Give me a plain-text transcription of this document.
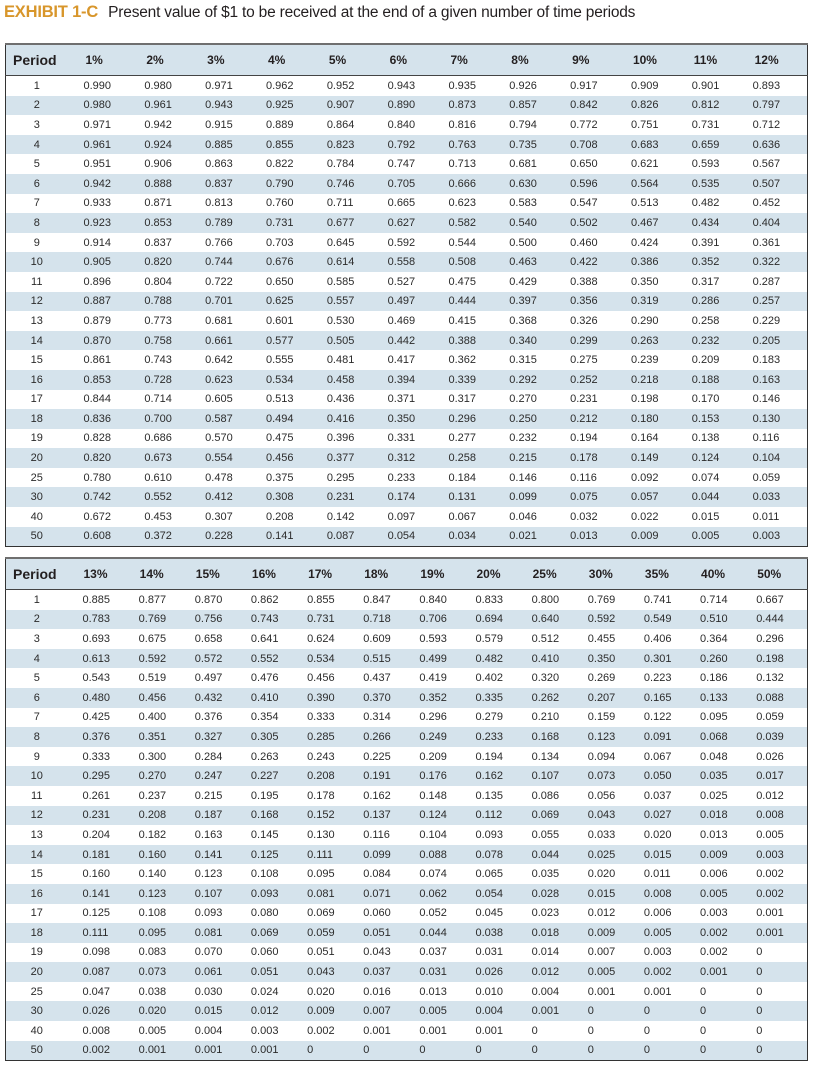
EXHIBIT 1-C Present value of $1 to be received at the end of a given number of time periods
Period	1%	2%	3%	4%	5%	6%	7%	8%	9%	10%	11%	12%
1	0.990	0.980	0.971	0.962	0.952	0.943	0.935	0.926	0.917	0.909	0.901	0.893
2	0.980	0.961	0.943	0.925	0.907	0.890	0.873	0.857	0.842	0.826	0.812	0.797
3	0.971	0.942	0.915	0.889	0.864	0.840	0.816	0.794	0.772	0.751	0.731	0.712
4	0.961	0.924	0.885	0.855	0.823	0.792	0.763	0.735	0.708	0.683	0.659	0.636
5	0.951	0.906	0.863	0.822	0.784	0.747	0.713	0.681	0.650	0.621	0.593	0.567
6	0.942	0.888	0.837	0.790	0.746	0.705	0.666	0.630	0.596	0.564	0.535	0.507
7	0.933	0.871	0.813	0.760	0.711	0.665	0.623	0.583	0.547	0.513	0.482	0.452
8	0.923	0.853	0.789	0.731	0.677	0.627	0.582	0.540	0.502	0.467	0.434	0.404
9	0.914	0.837	0.766	0.703	0.645	0.592	0.544	0.500	0.460	0.424	0.391	0.361
10	0.905	0.820	0.744	0.676	0.614	0.558	0.508	0.463	0.422	0.386	0.352	0.322
11	0.896	0.804	0.722	0.650	0.585	0.527	0.475	0.429	0.388	0.350	0.317	0.287
12	0.887	0.788	0.701	0.625	0.557	0.497	0.444	0.397	0.356	0.319	0.286	0.257
13	0.879	0.773	0.681	0.601	0.530	0.469	0.415	0.368	0.326	0.290	0.258	0.229
14	0.870	0.758	0.661	0.577	0.505	0.442	0.388	0.340	0.299	0.263	0.232	0.205
15	0.861	0.743	0.642	0.555	0.481	0.417	0.362	0.315	0.275	0.239	0.209	0.183
16	0.853	0.728	0.623	0.534	0.458	0.394	0.339	0.292	0.252	0.218	0.188	0.163
17	0.844	0.714	0.605	0.513	0.436	0.371	0.317	0.270	0.231	0.198	0.170	0.146
18	0.836	0.700	0.587	0.494	0.416	0.350	0.296	0.250	0.212	0.180	0.153	0.130
19	0.828	0.686	0.570	0.475	0.396	0.331	0.277	0.232	0.194	0.164	0.138	0.116
20	0.820	0.673	0.554	0.456	0.377	0.312	0.258	0.215	0.178	0.149	0.124	0.104
25	0.780	0.610	0.478	0.375	0.295	0.233	0.184	0.146	0.116	0.092	0.074	0.059
30	0.742	0.552	0.412	0.308	0.231	0.174	0.131	0.099	0.075	0.057	0.044	0.033
40	0.672	0.453	0.307	0.208	0.142	0.097	0.067	0.046	0.032	0.022	0.015	0.011
50	0.608	0.372	0.228	0.141	0.087	0.054	0.034	0.021	0.013	0.009	0.005	0.003
Period	13%	14%	15%	16%	17%	18%	19%	20%	25%	30%	35%	40%	50%
1	0.885	0.877	0.870	0.862	0.855	0.847	0.840	0.833	0.800	0.769	0.741	0.714	0.667
2	0.783	0.769	0.756	0.743	0.731	0.718	0.706	0.694	0.640	0.592	0.549	0.510	0.444
3	0.693	0.675	0.658	0.641	0.624	0.609	0.593	0.579	0.512	0.455	0.406	0.364	0.296
4	0.613	0.592	0.572	0.552	0.534	0.515	0.499	0.482	0.410	0.350	0.301	0.260	0.198
5	0.543	0.519	0.497	0.476	0.456	0.437	0.419	0.402	0.320	0.269	0.223	0.186	0.132
6	0.480	0.456	0.432	0.410	0.390	0.370	0.352	0.335	0.262	0.207	0.165	0.133	0.088
7	0.425	0.400	0.376	0.354	0.333	0.314	0.296	0.279	0.210	0.159	0.122	0.095	0.059
8	0.376	0.351	0.327	0.305	0.285	0.266	0.249	0.233	0.168	0.123	0.091	0.068	0.039
9	0.333	0.300	0.284	0.263	0.243	0.225	0.209	0.194	0.134	0.094	0.067	0.048	0.026
10	0.295	0.270	0.247	0.227	0.208	0.191	0.176	0.162	0.107	0.073	0.050	0.035	0.017
11	0.261	0.237	0.215	0.195	0.178	0.162	0.148	0.135	0.086	0.056	0.037	0.025	0.012
12	0.231	0.208	0.187	0.168	0.152	0.137	0.124	0.112	0.069	0.043	0.027	0.018	0.008
13	0.204	0.182	0.163	0.145	0.130	0.116	0.104	0.093	0.055	0.033	0.020	0.013	0.005
14	0.181	0.160	0.141	0.125	0.111	0.099	0.088	0.078	0.044	0.025	0.015	0.009	0.003
15	0.160	0.140	0.123	0.108	0.095	0.084	0.074	0.065	0.035	0.020	0.011	0.006	0.002
16	0.141	0.123	0.107	0.093	0.081	0.071	0.062	0.054	0.028	0.015	0.008	0.005	0.002
17	0.125	0.108	0.093	0.080	0.069	0.060	0.052	0.045	0.023	0.012	0.006	0.003	0.001
18	0.111	0.095	0.081	0.069	0.059	0.051	0.044	0.038	0.018	0.009	0.005	0.002	0.001
19	0.098	0.083	0.070	0.060	0.051	0.043	0.037	0.031	0.014	0.007	0.003	0.002	0
20	0.087	0.073	0.061	0.051	0.043	0.037	0.031	0.026	0.012	0.005	0.002	0.001	0
25	0.047	0.038	0.030	0.024	0.020	0.016	0.013	0.010	0.004	0.001	0.001	0	0
30	0.026	0.020	0.015	0.012	0.009	0.007	0.005	0.004	0.001	0	0	0	0
40	0.008	0.005	0.004	0.003	0.002	0.001	0.001	0.001	0	0	0	0	0
50	0.002	0.001	0.001	0.001	0	0	0	0	0	0	0	0	0
